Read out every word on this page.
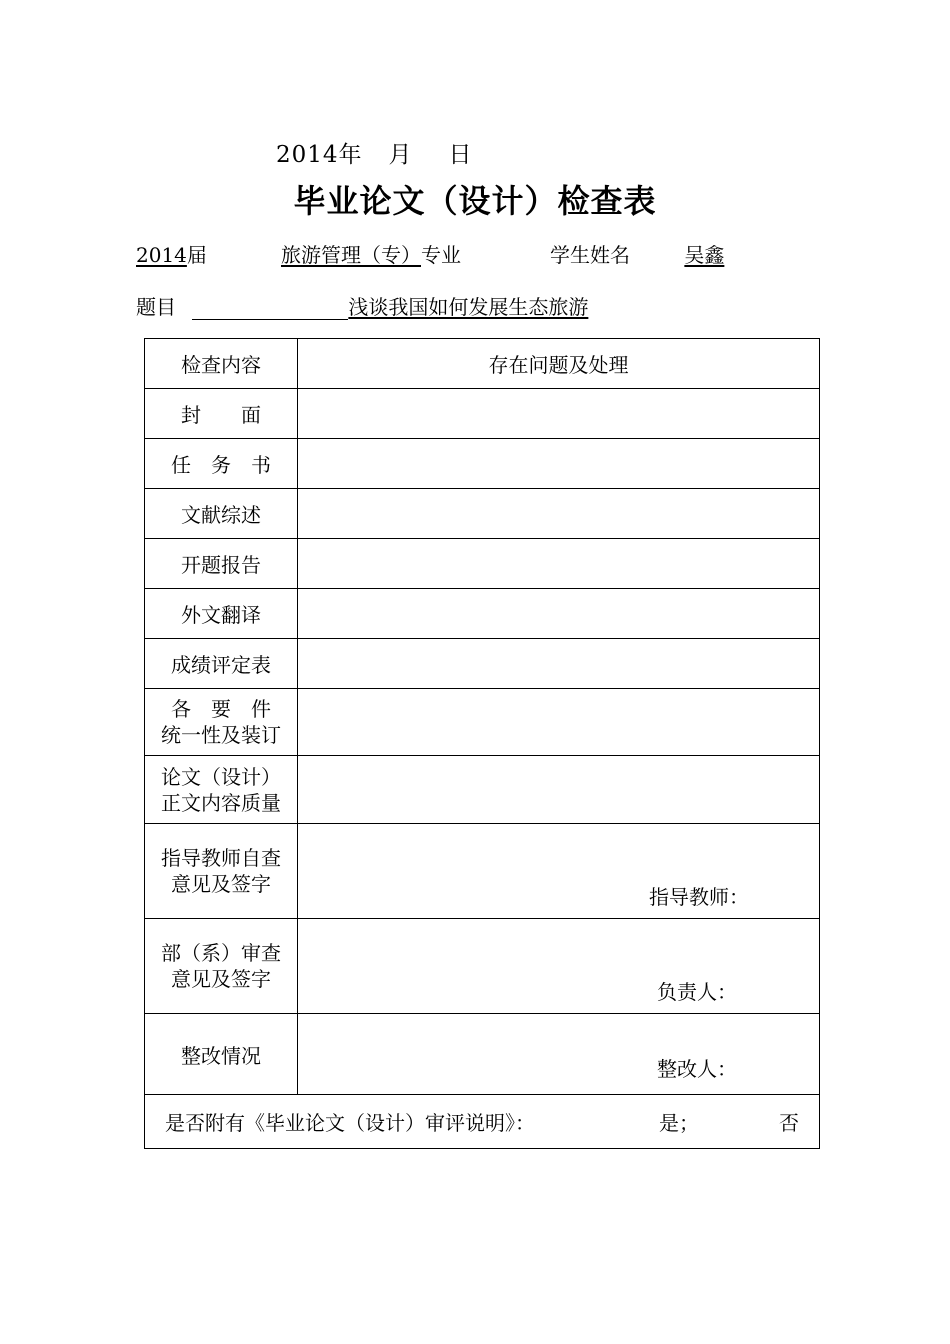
2014年 月 日
毕业论文（设计）检查表
2014届	旅游管理（专）专业	学生姓名	吴鑫
题目	浅谈我国如何发展生态旅游
检查内容	存在问题及处理
封　　面	
任　务　书	
文献综述	
开题报告	
外文翻译	
成绩评定表	

各　要　件
统一性及装订	

论文（设计）
正文内容质量	

指导教师自查
意见及签字	指导教师：

部（系）审查
意见及签字	负责人：

整改情况	整改人：

是否附有《毕业论文（设计）审评说明》： 是； 否	
